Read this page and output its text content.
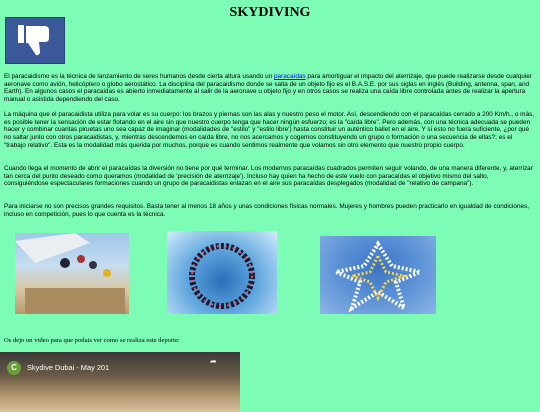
SKYDIVING

El paracaidismo es la técnica de lanzamiento de seres humanos desde cierta altura usando un paracaídas para amortiguar el impacto del aterrizaje, que puede realizarse desde cualquier aeronave como avión, helicóptero o globo aerostático. La disciplina del paracaidismo donde se salta de un objeto fijo es el B.A.S.E. por sus siglas en inglés (Building, antenna, span, and Earth). En algunos casos el paracaidas es abierto inmediatamente al salir de la aeronave u objeto fijo y en otros casos se realiza una caída libre controlada antes de realizar la apertura manual o asistida dependiendo del caso.

La máquina que el paracaidista utiliza para volar es su cuerpo: los brazos y piernas son las alas y nuestro peso el motor. Así, descendiendo con el paracaídas cerrado a 200 Km/h., o más, es posible tener la sensación de estar flotando en el aire sin que nuestro cuerpo tenga que hacer ningún esfuerzo; es la "caída libre". Pero además, con una técnica adecuada se pueden hacer y combinar cuantas piruetas uno sea capaz de imaginar (modalidades de "estilo" y "estilo libre') hasta constituir un auténtico ballet en el aire. Y si esto no fuera suficiente, ¿por qué no saltar junto con otros paracaidistas, y, mientras descendemos en caída libre, no nos acercamos y cogemos constituyendo un grupo o formación o una secuencia de ellas?; es el "trabajo relativo". Esta es la modalidad más querida por muchos, porque es cuando sentimos realmente que volamos sin otro elemento que nuestro propio cuerpo.

Cuando llega el momento de abrir el paracaídas la diversión no tiene por qué terminar. Los modernos paracaídas cuadrados permiten seguir volando, de una manera diferente, y, aterrizar tan cerca del punto deseado como queramos (modalidad de 'precisión de aterrizaje'). Incluso hay quien ha hecho de este vuelo con paracaídas el objetivo mismo del salto, consiguiéndose espectaculares formaciones cuando un grupo de paracaidistas enlazan en el aire sus paracaídas desplegados (modalidad de "relativo de campana").

Para iniciarse no son precisos grandes requisitos. Basta tener al menos 18 años y unas condiciones físicas normales. Mujeres y hombres pueden practicarlo en igualdad de condiciones, incluso en competición, pues lo que cuenta es la técnica.

Os dejo un video para que podais ver como se realiza este deporte:

C	Skydive Dubai - May 201
➦
